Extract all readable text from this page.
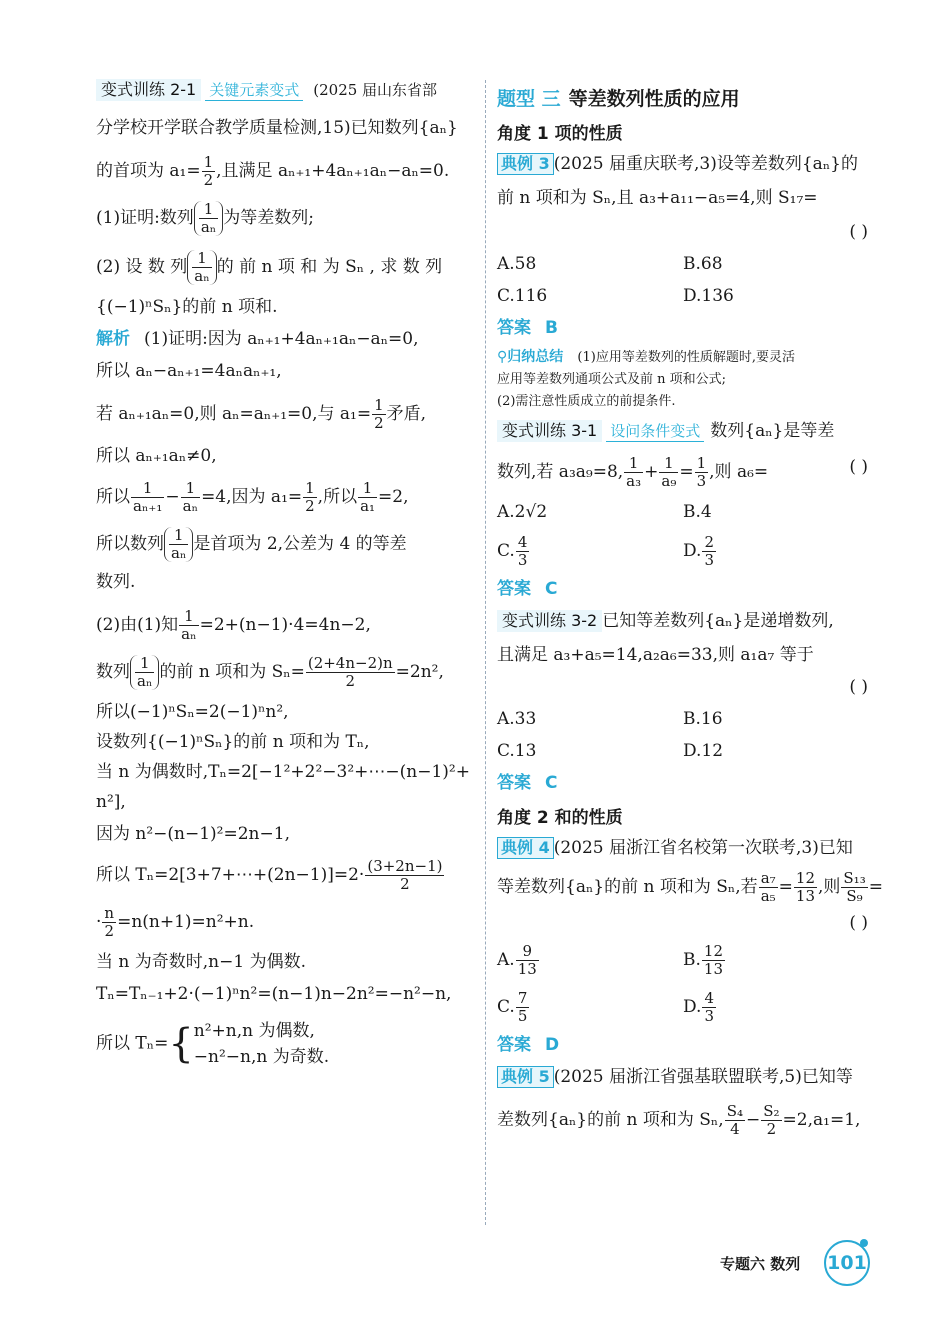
变式训练 2-1 关键元素变式 (2025 届山东省部
分学校开学联合教学质量检测,15)已知数列{aₙ}
的首项为 $a_1= \frac{1}{2}$ ,且满足 aₙ₊₁+4aₙ₊₁aₙ−aₙ=0.
(1)证明:数列 $\frac{1}{\text{aₙ}}$ 为等差数列;
(2) 设 数 列 $\frac{1}{\text{aₙ}}$ 的 前 n 项 和 为 Sₙ , 求 数 列
{(−1)ⁿSₙ}的前 n 项和.
解析 (1)证明:因为 aₙ₊₁+4aₙ₊₁aₙ−aₙ=0,
所以 aₙ−aₙ₊₁=4aₙaₙ₊₁,
若 aₙ₊₁aₙ=0,则 aₙ=aₙ₊₁=0,与 $a_1= \frac{1}{2}$ 矛盾,
所以 aₙ₊₁aₙ≠0,
所以 $\frac{1}{\text{aₙ₊₁}} - \frac{1}{\text{aₙ}} =4$,因为 $a_1= \frac{1}{2}$ ,所以 $\frac{1}{\text{a₁}} =2$,
所以数列 $\frac{1}{\text{aₙ}}$ 是首项为 2,公差为 4 的等差
数列.
(2)由(1)知 $\frac{1}{\text{aₙ}} =2+(n-1)\cdot 4=4n-2$,
数列 $\frac{1}{\text{aₙ}}$ 的前 n 项和为 $S_n= \frac{(2+4n-2)n}{2} =2n^2$,
所以(−1)ⁿSₙ=2(−1)ⁿn²,
设数列{(−1)ⁿSₙ}的前 n 项和为 Tₙ,
当 n 为偶数时,Tₙ=2[−1²+2²−3²+⋯−(n−1)²+
n²],
因为 n²−(n−1)²=2n−1,
所以 Tₙ=2[3+7+⋯+(2n−1)]=2· $\frac{(3+2n-1)}{2}$
· $\frac{n}{2} =n(n+1)=n^2+n$.
当 n 为奇数时,n−1 为偶数.
Tₙ=Tₙ₋₁+2·(−1)ⁿn²=(n−1)n−2n²=−n²−n,
所以 Tₙ={ n²+n,n 为偶数,
−n²−n,n 为奇数.
题型 三 等差数列性质的应用
角度 1 项的性质
典例 3 (2025 届重庆联考,3)设等差数列{aₙ}的
前 n 项和为 Sₙ,且 a₃+a₁₁−a₅=4,则 S₁₇=
( )
A.58	B.68
C.116	D.136
答案 B
⚲归纳总结 (1)应用等差数列的性质解题时,要灵活
应用等差数列通项公式及前 n 项和公式;
(2)需注意性质成立的前提条件.
变式训练 3-1 设问条件变式 数列{aₙ}是等差
数列,若 a₃a₉=8, $\frac{1}{\text{a₃}} + \frac{1}{\text{a₉}} = \frac{1}{3}$ ,则 a₆=	( )
A.2√2	B.4
C. $\frac{4}{3}$	D. $\frac{2}{3}$
答案 C
变式训练 3-2 已知等差数列{aₙ}是递增数列,
且满足 a₃+a₅=14,a₂a₆=33,则 a₁a₇ 等于
( )
A.33	B.16
C.13	D.12
答案 C
角度 2 和的性质
典例 4 (2025 届浙江省名校第一次联考,3)已知
等差数列{aₙ}的前 n 项和为 Sₙ,若 $\frac{\text{a₇}}{\text{a₅}} = \frac{12}{13}$ ,则 $\frac{\text{S₁₃}}{\text{S₉}}$ =
( )
A. $\frac{9}{13}$	B. $\frac{12}{13}$
C. $\frac{7}{5}$	D. $\frac{4}{3}$
答案 D
典例 5 (2025 届浙江省强基联盟联考,5)已知等
差数列{aₙ}的前 n 项和为 Sₙ, $\frac{\text{S₄}}{4} - \frac{\text{S₂}}{2} =2,a_1=1$,
专题六 数列 101
